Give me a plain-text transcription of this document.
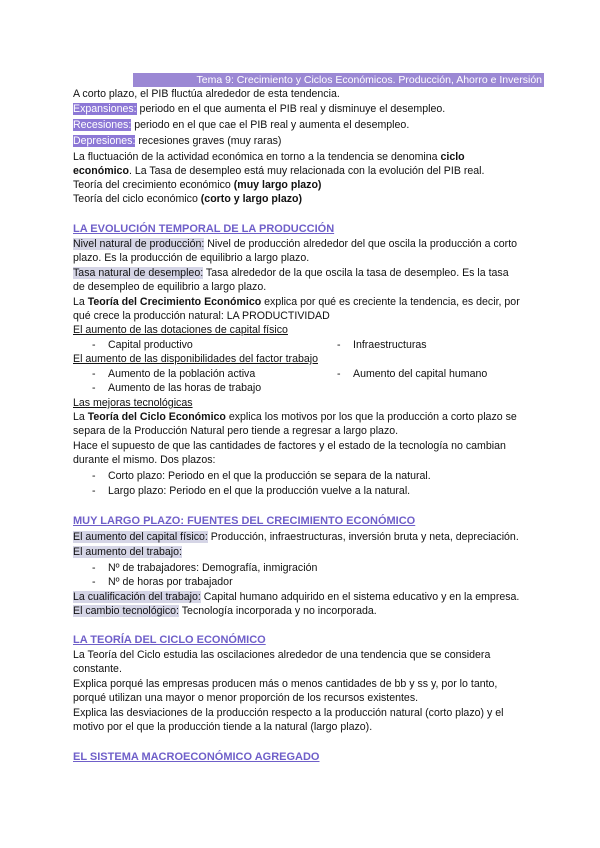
Tema 9: Crecimiento y Ciclos Económicos. Producción, Ahorro e Inversión
A corto plazo, el PIB fluctúa alrededor de esta tendencia.
Expansiones: periodo en el que aumenta el PIB real y disminuye el desempleo.
Recesiones: periodo en el que cae el PIB real y aumenta el desempleo.
Depresiones: recesiones graves (muy raras)
La fluctuación de la actividad económica en torno a la tendencia se denomina ciclo
económico. La Tasa de desempleo está muy relacionada con la evolución del PIB real.
Teoría del crecimiento económico (muy largo plazo)
Teoría del ciclo económico (corto y largo plazo)
LA EVOLUCIÓN TEMPORAL DE LA PRODUCCIÓN
Nivel natural de producción: Nivel de producción alrededor del que oscila la producción a corto
plazo. Es la producción de equilibrio a largo plazo.
Tasa natural de desempleo: Tasa alrededor de la que oscila la tasa de desempleo. Es la tasa
de desempleo de equilibrio a largo plazo.
La Teoría del Crecimiento Económico explica por qué es creciente la tendencia, es decir, por
qué crece la producción natural: LA PRODUCTIVIDAD
El aumento de las dotaciones de capital físico
- Capital productivo	- Infraestructuras
El aumento de las disponibilidades del factor trabajo
- Aumento de la población activa	- Aumento del capital humano
- Aumento de las horas de trabajo
Las mejoras tecnológicas
La Teoría del Ciclo Económico explica los motivos por los que la producción a corto plazo se
separa de la Producción Natural pero tiende a regresar a largo plazo.
Hace el supuesto de que las cantidades de factores y el estado de la tecnología no cambian
durante el mismo. Dos plazos:
- Corto plazo: Periodo en el que la producción se separa de la natural.
- Largo plazo: Periodo en el que la producción vuelve a la natural.
MUY LARGO PLAZO: FUENTES DEL CRECIMIENTO ECONÓMICO
El aumento del capital físico: Producción, infraestructuras, inversión bruta y neta, depreciación.
El aumento del trabajo:
- Nº de trabajadores: Demografía, inmigración
- Nº de horas por trabajador
La cualificación del trabajo: Capital humano adquirido en el sistema educativo y en la empresa.
El cambio tecnológico: Tecnología incorporada y no incorporada.
LA TEORÍA DEL CICLO ECONÓMICO
La Teoría del Ciclo estudia las oscilaciones alrededor de una tendencia que se considera
constante.
Explica porqué las empresas producen más o menos cantidades de bb y ss y, por lo tanto,
porqué utilizan una mayor o menor proporción de los recursos existentes.
Explica las desviaciones de la producción respecto a la producción natural (corto plazo) y el
motivo por el que la producción tiende a la natural (largo plazo).
EL SISTEMA MACROECONÓMICO AGREGADO
